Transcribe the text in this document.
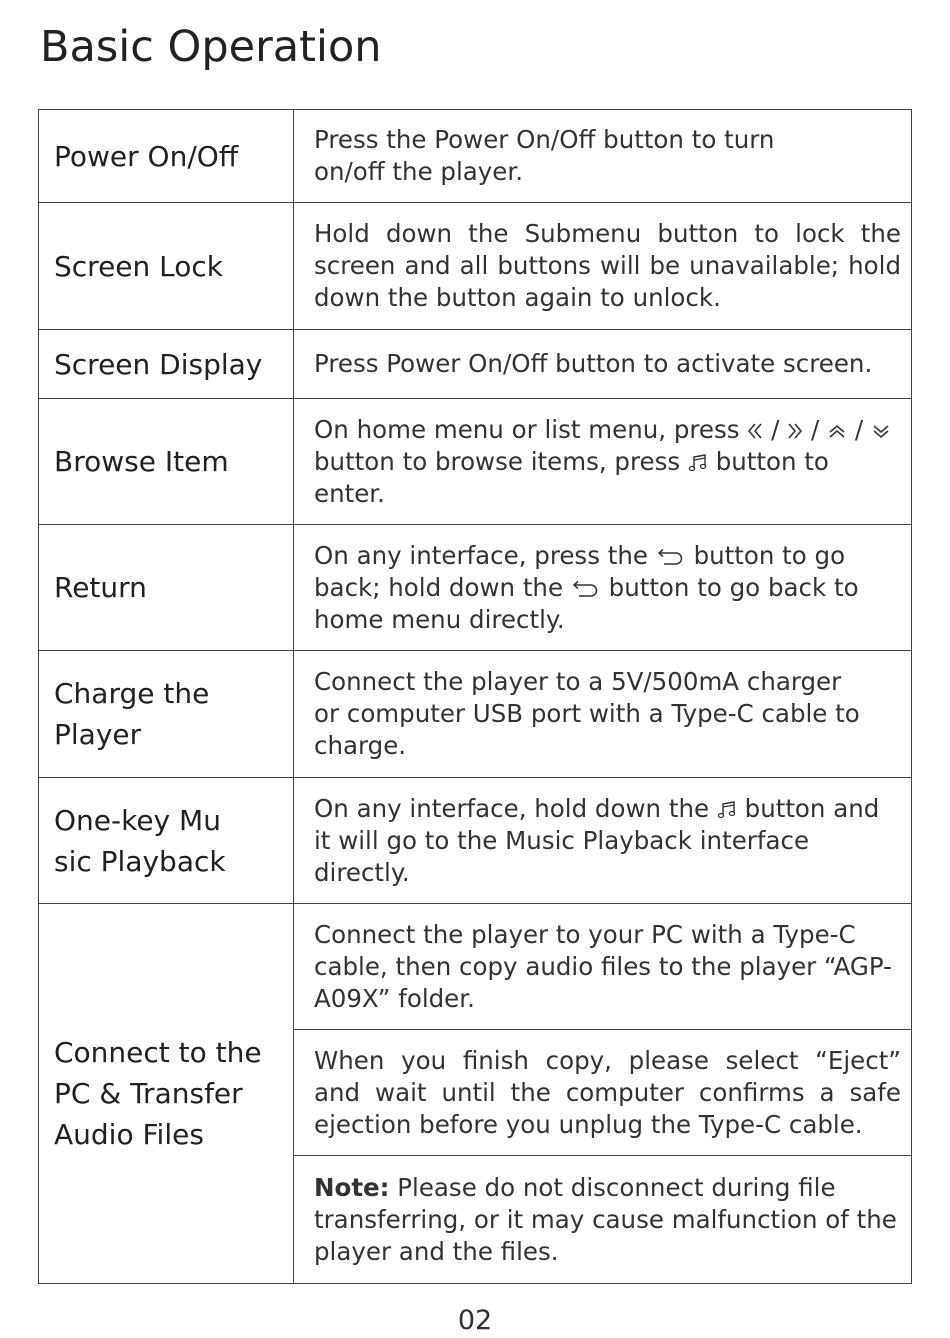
Basic Operation
Power On/Off	Press the Power On/Off button to turn on/off the player.

Screen Lock	Hold down the Submenu button to lock the screen and all buttons will be unavailable; hold down the button again to unlock.
Screen Display	Press Power On/Off button to activate screen.
Browse Item	On home menu or list menu, press / / /  button to browse items, press button to enter.
Return	On any interface, press the button to go back; hold down the button to go back to home menu directly.

Charge the
Player	Connect the player to a 5V/500mA charger or computer USB port with a Type-C cable to charge.

One-key Mu
sic Playback	On any interface, hold down the button and it will go to the Music Playback interface directly.

Connect to the
PC & Transfer
Audio Files	Connect the player to your PC with a Type-C cable, then copy audio files to the player “AGP-A09X” folder.
	When you finish copy, please select “Eject” and wait until the computer confirms a safe ejection before you unplug the Type-C cable.
	Note: Please do not disconnect during file transferring, or it may cause malfunction of the player and the files.
02
